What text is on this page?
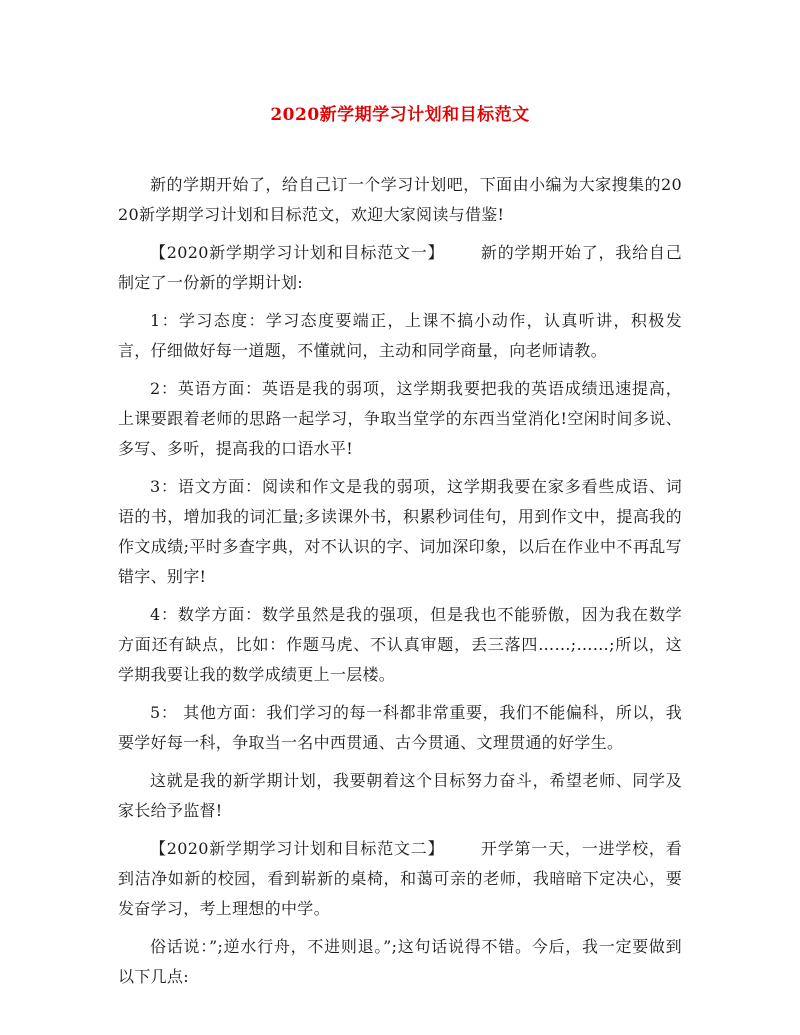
2020新学期学习计划和目标范文

新的学期开始了，给自己订一个学习计划吧，下面由小编为大家搜集的2020新学期学习计划和目标范文，欢迎大家阅读与借鉴!

【2020新学期学习计划和目标范文一】 新的学期开始了，我给自己制定了一份新的学期计划:

1：学习态度：学习态度要端正，上课不搞小动作，认真听讲，积极发言，仔细做好每一道题，不懂就问，主动和同学商量，向老师请教。

2：英语方面：英语是我的弱项，这学期我要把我的英语成绩迅速提高，上课要跟着老师的思路一起学习，争取当堂学的东西当堂消化!空闲时间多说、多写、多听，提高我的口语水平!

3：语文方面：阅读和作文是我的弱项，这学期我要在家多看些成语、词语的书，增加我的词汇量;多读课外书，积累秒词佳句，用到作文中，提高我的作文成绩;平时多查字典，对不认识的字、词加深印象，以后在作业中不再乱写错字、别字!

4：数学方面：数学虽然是我的强项，但是我也不能骄傲，因为我在数学方面还有缺点，比如：作题马虎、不认真审题，丢三落四……;……;所以，这学期我要让我的数学成绩更上一层楼。

5： 其他方面：我们学习的每一科都非常重要，我们不能偏科，所以，我要学好每一科，争取当一名中西贯通、古今贯通、文理贯通的好学生。

这就是我的新学期计划，我要朝着这个目标努力奋斗，希望老师、同学及家长给予监督!

【2020新学期学习计划和目标范文二】 开学第一天，一进学校，看到洁净如新的校园，看到崭新的桌椅，和蔼可亲的老师，我暗暗下定决心，要发奋学习，考上理想的中学。

俗话说：”;逆水行舟，不进则退。”;这句话说得不错。今后，我一定要做到以下几点:
